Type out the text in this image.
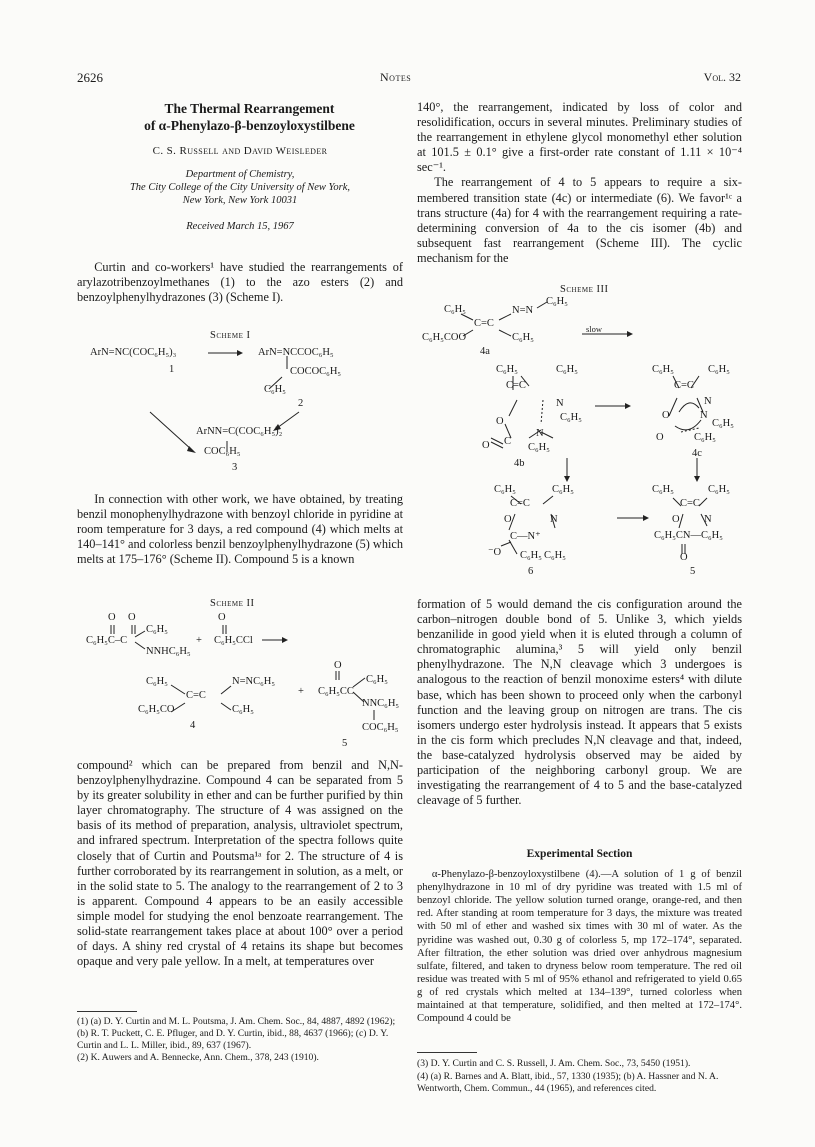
2626	Notes	Vol. 32

The Thermal Rearrangement

of α-Phenylazo-β-benzoyloxystilbene

C. S. Russell and David Weisleder
Department of Chemistry,
The City College of the City University of New York,
New York, New York 10031
Received March 15, 1967

Curtin and co-workers¹ have studied the rearrangements of arylazotribenzoylmethanes (1) to the azo esters (2) and benzoylphenylhydrazones (3) (Scheme I).

Scheme I
ArN=NC(COC₆H₅)₃
1
ArN=NCCOC₆H₅
COCOC₆H₅
C₆H₅
2
ArNN=C(COC₆H₅)₂
COC₆H₅
3

In connection with other work, we have obtained, by treating benzil monophenylhydrazone with benzoyl chloride in pyridine at room temperature for 3 days, a red compound (4) which melts at 140–141° and colorless benzil benzoylphenylhydrazone (5) which melts at 175–176° (Scheme II). Compound 5 is a known

Scheme II
O O	O
C₆H₅C–C
C₆H₅
NNHC₆H₅
+ C₆H₅CCl
C₆H₅	N=NC₆H₅
C=C
C₆H₅CO	C₆H₅
4
+
O
C₆H₅CC
C₆H₅
NNC₆H₅
COC₆H₅
5

compound² which can be prepared from benzil and N,N-benzoylphenylhydrazine. Compound 4 can be separated from 5 by its greater solubility in ether and can be further purified by thin layer chromatography. The structure of 4 was assigned on the basis of its method of preparation, analysis, ultraviolet spectrum, and infrared spectrum. Interpretation of the spectra follows quite closely that of Curtin and Poutsma¹ᵃ for 2. The structure of 4 is further corroborated by its rearrangement in solution, as a melt, or in the solid state to 5. The analogy to the rearrangement of 2 to 3 is apparent. Compound 4 appears to be an easily accessible simple model for studying the enol benzoate rearrangement. The solid-state rearrangement takes place at about 100° over a period of days. A shiny red crystal of 4 retains its shape but becomes opaque and very pale yellow. In a melt, at temperatures over

(1) (a) D. Y. Curtin and M. L. Poutsma, J. Am. Chem. Soc., 84, 4887, 4892 (1962); (b) R. T. Puckett, C. E. Pfluger, and D. Y. Curtin, ibid., 88, 4637 (1966); (c) D. Y. Curtin and L. L. Miller, ibid., 89, 637 (1967).
(2) K. Auwers and A. Bennecke, Ann. Chem., 378, 243 (1910).

140°, the rearrangement, indicated by loss of color and resolidification, occurs in several minutes. Preliminary studies of the rearrangement in ethylene glycol monomethyl ether solution at 101.5 ± 0.1° give a first-order rate constant of 1.11 × 10⁻⁴ sec⁻¹.

The rearrangement of 4 to 5 appears to require a six-membered transition state (4c) or intermediate (6). We favor¹ᶜ a trans structure (4a) for 4 with the rearrangement requiring a rate-determining conversion of 4a to the cis isomer (4b) and subsequent fast rearrangement (Scheme III). The cyclic mechanism for the

Scheme III
C₆H₅
C₆H₅
N=N
C=C
C₆H₅COO	C₆H₅
slow
4a
C₆H₅	C₆H₅
C=C
N
O
N
C₆H₅
C
O	C₆H₅
4b
C₆H₅	C₆H₅
C=C
N
O	N
C₆H₅
O	C₆H₅
4c
C₆H₅	C₆H₅
C=C
O	N
C—N⁺
⁻O C₆H₅ C₆H₅
6
C₆H₅	C₆H₅
C=C
O N
C₆H₅CN—C₆H₅
O
5

formation of 5 would demand the cis configuration around the carbon–nitrogen double bond of 5. Unlike 3, which yields benzanilide in good yield when it is eluted through a column of chromatographic alumina,³ 5 will yield only benzil phenylhydrazone. The N,N cleavage which 3 undergoes is analogous to the reaction of benzil monoxime esters⁴ with dilute base, which has been shown to proceed only when the carbonyl function and the leaving group on nitrogen are trans. The cis isomers undergo ester hydrolysis instead. It appears that 5 exists in the cis form which precludes N,N cleavage and that, indeed, the base-catalyzed hydrolysis observed may be aided by participation of the neighboring carbonyl group. We are investigating the rearrangement of 4 to 5 and the base-catalyzed cleavage of 5 further.

Experimental Section

α-Phenylazo-β-benzoyloxystilbene (4).—A solution of 1 g of benzil phenylhydrazone in 10 ml of dry pyridine was treated with 1.5 ml of benzoyl chloride. The yellow solution turned orange, orange-red, and then red. After standing at room temperature for 3 days, the mixture was treated with 50 ml of ether and washed six times with 30 ml of water. As the pyridine was washed out, 0.30 g of colorless 5, mp 172–174°, separated. After filtration, the ether solution was dried over anhydrous magnesium sulfate, filtered, and taken to dryness below room temperature. The red oil residue was treated with 5 ml of 95% ethanol and refrigerated to yield 0.65 g of red crystals which melted at 134–139°, turned colorless when maintained at that temperature, solidified, and then melted at 172–174°. Compound 4 could be

(3) D. Y. Curtin and C. S. Russell, J. Am. Chem. Soc., 73, 5450 (1951).
(4) (a) R. Barnes and A. Blatt, ibid., 57, 1330 (1935); (b) A. Hassner and N. A. Wentworth, Chem. Commun., 44 (1965), and references cited.
